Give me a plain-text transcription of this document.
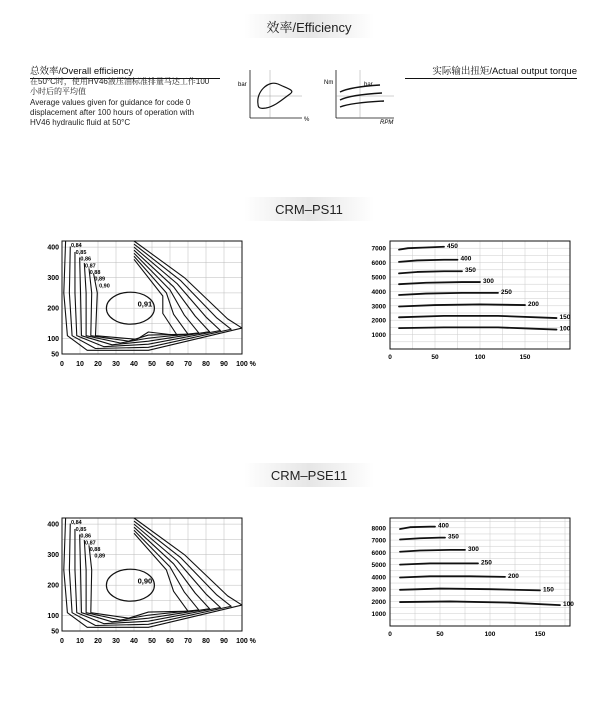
效率/Efficiency
总效率/Overall efficiency
在50°C时，使用HV46液压油标准排量马达工作100
小时后的平均值
Average values given for guidance for code 0
displacement after 100 hours of operation with
HV46 hydraulic fluid at 50°C
实际输出扭矩/Actual output torque
bar
%
Nm	bar
RPM
CRM–PS11
CRM–PSE11
50
100
200
300
400
0 10 20 30 40 50 60 70 80 90 100 %
0,84
0,85
0,86
0,87
0,88
0,89
0,90
0,91
7000
6000
5000
4000
3000
2000
1000
0	50	100	150
450
400
350
300
250
200
150
100
50
100
200
300
400
0 10 20 30 40 50 60 70 80 90 100 %
0,84
0,85
0,86
0,87
0,88
0,89
0,90
8000
7000
6000
5000
4000
3000
2000
1000
0	50	100	150
400
350
300
250
200
150
100
